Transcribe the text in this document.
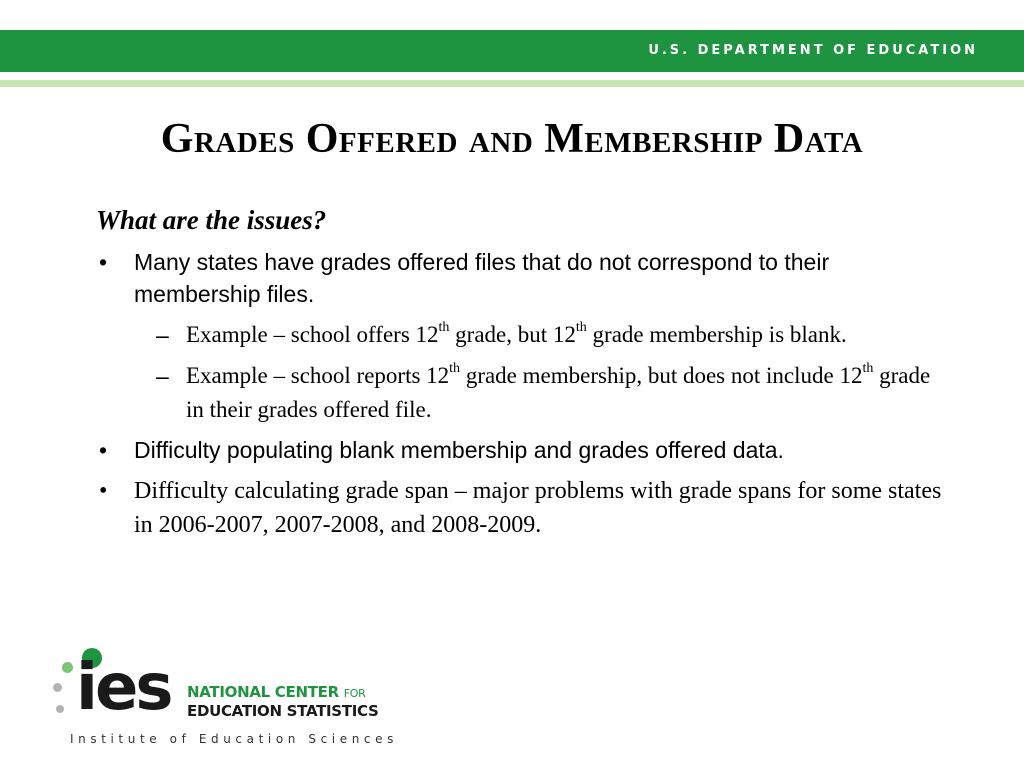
U.S. DEPARTMENT OF EDUCATION
Grades Offered and Membership Data
What are the issues?
• Many states have grades offered files that do not correspond to their membership files.
– Example – school offers 12th grade, but 12th grade membership is blank.
– Example – school reports 12th grade membership, but does not include 12th grade in their grades offered file.
• Difficulty populating blank membership and grades offered data.
• Difficulty calculating grade span – major problems with grade spans for some states in 2006-2007, 2007-2008, and 2008-2009.
ies NATIONAL CENTER FOR
EDUCATION STATISTICS
Institute of Education Sciences
